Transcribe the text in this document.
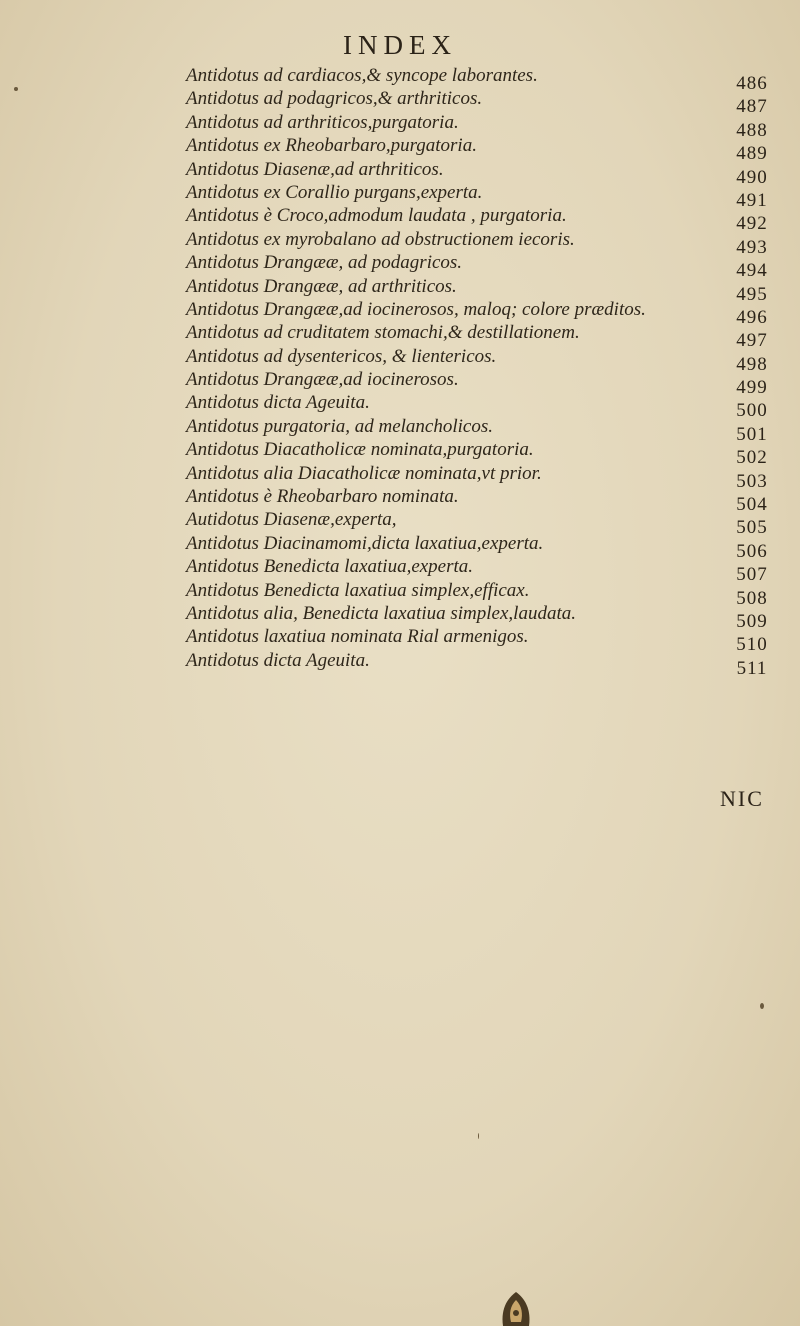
INDEX
Antidotus ad cardiacos,& syncope laborantes.
Antidotus ad podagricos,& arthriticos.
Antidotus ad arthriticos,purgatoria.
Antidotus ex Rheobarbaro,purgatoria.
Antidotus Diasenæ,ad arthriticos.
Antidotus ex Corallio purgans,experta.
Antidotus è Croco,admodum laudata , purgatoria.
Antidotus ex myrobalano ad obstructionem iecoris.
Antidotus Drangææ, ad podagricos.
Antidotus Drangææ, ad arthriticos.
Antidotus Drangææ,ad iocinerosos, maloq; colore præditos.
Antidotus ad cruditatem stomachi,& destillationem.
Antidotus ad dysentericos, & lientericos.
Antidotus Drangææ,ad iocinerosos.
Antidotus dicta Ageuita.
Antidotus purgatoria, ad melancholicos.
Antidotus Diacatholicæ nominata,purgatoria.
Antidotus alia Diacatholicæ nominata,vt prior.
Antidotus è Rheobarbaro nominata.
Autidotus Diasenæ,experta,
Antidotus Diacinamomi,dicta laxatiua,experta.
Antidotus Benedicta laxatiua,experta.
Antidotus Benedicta laxatiua simplex,efficax.
Antidotus alia, Benedicta laxatiua simplex,laudata.
Antidotus laxatiua nominata Rial armenigos.
Antidotus dicta Ageuita.
486
487
488
489
490
491
492
493
494
495
496
497
498
499
500
501
502
503
504
505
506
507
508
509
510
511
NIC
